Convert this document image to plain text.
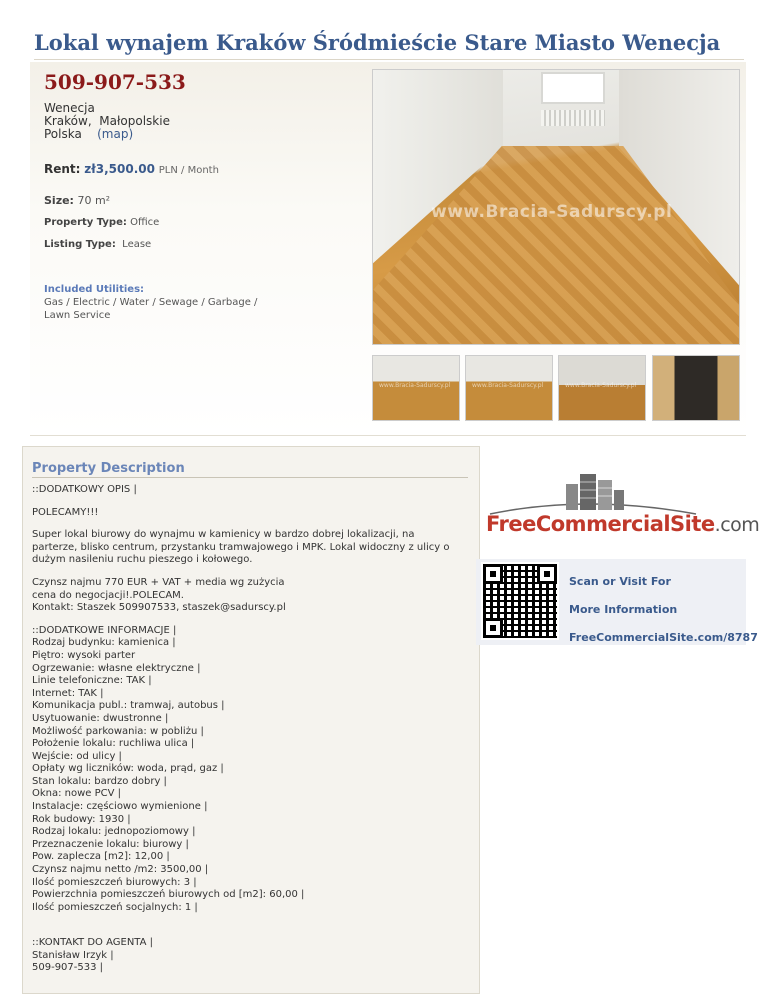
Lokal wynajem Kraków Śródmieście Stare Miasto Wenecja
509-907-533
Wenecja
Kraków, Małopolskie
Polska (map)
Rent: zł3,500.00 PLN / Month
Size: 70 m²
Property Type: Office
Listing Type: Lease
Included Utilities:
Gas / Electric / Water / Sewage / Garbage / Lawn Service
www.Bracia-Sadurscy.pl
www.Bracia-Sadurscy.pl	www.Bracia-Sadurscy.pl	www.Bracia-Sadurscy.pl
Property Description

::DODATKOWY OPIS |

POLECAMY!!!

Super lokal biurowy do wynajmu w kamienicy w bardzo dobrej lokalizacji, na parterze, blisko centrum, przystanku tramwajowego i MPK. Lokal widoczny z ulicy o dużym nasileniu ruchu pieszego i kołowego.

Czynsz najmu 770 EUR + VAT + media wg zużycia
cena do negocjacji!.POLECAM.
Kontakt: Staszek 509907533, staszek@sadurscy.pl

::DODATKOWE INFORMACJE |
Rodzaj budynku: kamienica |
Piętro: wysoki parter
Ogrzewanie: własne elektryczne |
Linie telefoniczne: TAK |
Internet: TAK |
Komunikacja publ.: tramwaj, autobus |
Usytuowanie: dwustronne |
Możliwość parkowania: w pobliżu |
Położenie lokalu: ruchliwa ulica |
Wejście: od ulicy |
Opłaty wg liczników: woda, prąd, gaz |
Stan lokalu: bardzo dobry |
Okna: nowe PCV |
Instalacje: częściowo wymienione |
Rok budowy: 1930 |
Rodzaj lokalu: jednopoziomowy |
Przeznaczenie lokalu: biurowy |
Pow. zaplecza [m2]: 12,00 |
Czynsz najmu netto /m2: 3500,00 |
Ilość pomieszczeń biurowych: 3 |
Powierzchnia pomieszczeń biurowych od [m2]: 60,00 |
Ilość pomieszczeń socjalnych: 1 |

::KONTAKT DO AGENTA |
Stanisław Irzyk |
509-907-533 |

FreeCommercialSite.com
Scan or Visit For
More Information
FreeCommercialSite.com/8787
